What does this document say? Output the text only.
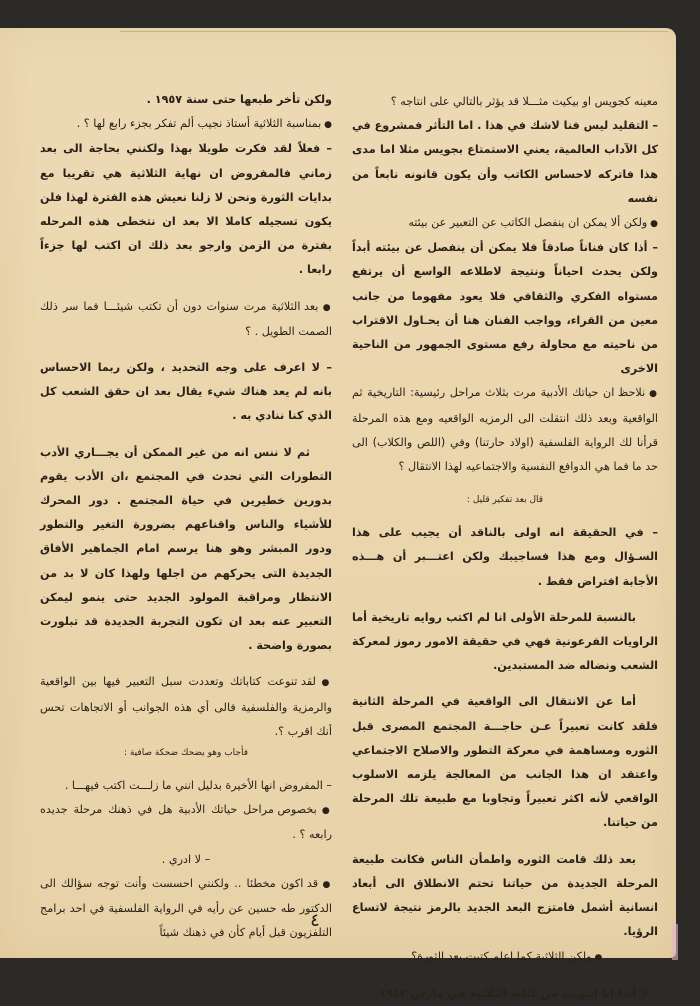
معينه كجويس او بيكيت مثـــلا قد يؤثر بالتالي على انتاجه ؟

– التقليد ليس فنا لاشك في هذا . اما التأثر فمشروع في كل الآداب العالمية، يعني الاستمتاع بجويس مثلا اما مدى هذا فاتركه لاحساس الكاتب وأن يكون قانونه نابعاً من نفسه

● ولكن ألا يمكن ان ينفصل الكاتب عن التعبير عن بيئته

– أذا كان فناناً صادقاً فلا يمكن أن ينفصل عن بيئته أبداً ولكن يحدث احياناً ونتيجة لاطلاعه الواسع أن يرتفع مستواه الفكري والثقافي فلا يعود مفهوما من جانب معين من القراء، وواجب الفنان هنا أن يحـاول الاقتراب من ناحيته مع محاولة رفع مستوى الجمهور من الناحية الاخرى

● نلاحظ ان حياتك الأدبية مرت بثلاث مراحل رئيسية: التاريخية ثم الواقعية وبعد ذلك انتقلت الى الرمزيه الواقعيه ومع هذه المرحلة قرأنا لك الرواية الفلسفية (اولاد حارتنا) وفي (اللص والكلاب) الى حد ما فما هي الدوافع النفسية والاجتماعيه لهذا الانتقال ؟

قال بعد تفكير قليل :

– في الحقيقة انه اولى بالناقد أن يجيب على هذا السـؤال ومع هذا فساجيبك ولكن اعتـــبر أن هـــذه الأجابة افتراض فقط .

بالنسبة للمرحلة الأولى انا لم اكتب روايه تاريخية أما الراويات الفرعونية فهي في حقيقة الامور رموز لمعركة الشعب ونضاله ضد المستبدين.

أما عن الانتقال الى الواقعية في المرحلة الثانية فلقد كانت تعبيراً عـن حاجـــة المجتمع المصرى قبل الثوره ومساهمة في معركة التطور والاصلاح الاجتماعي واعتقد ان هذا الجانب من المعالجة يلزمه الاسلوب الواقعي لأنه اكثر تعبيراً وتجاوبا مع طبيعة تلك المرحلة من حياتنا.

بعد ذلك قامت الثوره واطمأن الناس فكانت طبيعة المرحلة الجديدة من حياتنا تحتم الانطلاق الى أبعاد انسانية أشمل فامتزج البعد الجديد بالرمز نتيجة لاتساع الرؤيا.

● ولكن الثلاثية كما اعلم كتبت بعد الثورة؟.

– لا أبدا انا انتهيت من كتابة الثلاثية في مارس ١٩٥٢

ولكن تأخر طبعها حتى سنة ١٩٥٧ .

● بمناسبة الثلاثية أستاذ نجيب ألم تفكر بجزء رابع لها ؟ .

– فعلاً لقد فكرت طويلا بهذا ولكنني بحاجة الى بعد زماني فالمفروض ان نهاية الثلاثية هي تقريبا مع بدايات الثورة ونحن لا زلنا نعيش هذه الفترة لهذا فلن يكون تسجيله كاملا الا بعد ان نتخطى هذه المرحله بفترة من الزمن وارجو بعد ذلك ان اكتب لها جزءاً رابعا .

● بعد الثلاثية مرت سنوات دون أن تكتب شيئـــا فما سر ذلك الصمت الطويل . ؟

– لا اعرف على وجه التحديد ، ولكن ربما الاحساس بانه لم يعد هناك شيء يقال بعد ان حقق الشعب كل الذي كنا ننادي به .

ثم لا ننس انه من غير الممكن أن يجـــاري الأدب التطورات التي تحدث في المجتمع ،ان الأدب يقوم بدورين خطيرين في حياة المجتمع . دور المحرك للأشياء والناس واقناعهم بضرورة التغير والتطور ودور المبشر وهو هنا يرسم امام الجماهير الأفاق الجديدة التى يحركهم من اجلها ولهذا كان لا بد من الانتظار ومراقبة المولود الجديد حتى ينمو ليمكن التعبير عنه بعد ان تكون التجربة الجديدة قد تبلورت بصورة واضحة .

● لقد تنوعت كتاباتك وتعددت سبل التعبير فيها بين الواقعية والرمزية والفلسفية فالى أي هذه الجوانب أو الاتجاهات تحس أنك اقرب ؟.

فأجاب وهو يضحك ضحكة صافية :

– المفروض انها الأخيرة بدليل انني ما زلـــت اكتب فيهـــا .

● بخصوص مراحل حياتك الأدبية هل في ذهنك مرحلة جديده رابعه ؟ .

– لا ادري .

● قد اكون مخطئا .. ولكنني احسست وأنت توجه سؤالك الى الدكتور طه حسين عن رأيه في الرواية الفلسفية في احد برامج التلفزيون قبل أيام كأن في ذهنك شيئاً

٤
